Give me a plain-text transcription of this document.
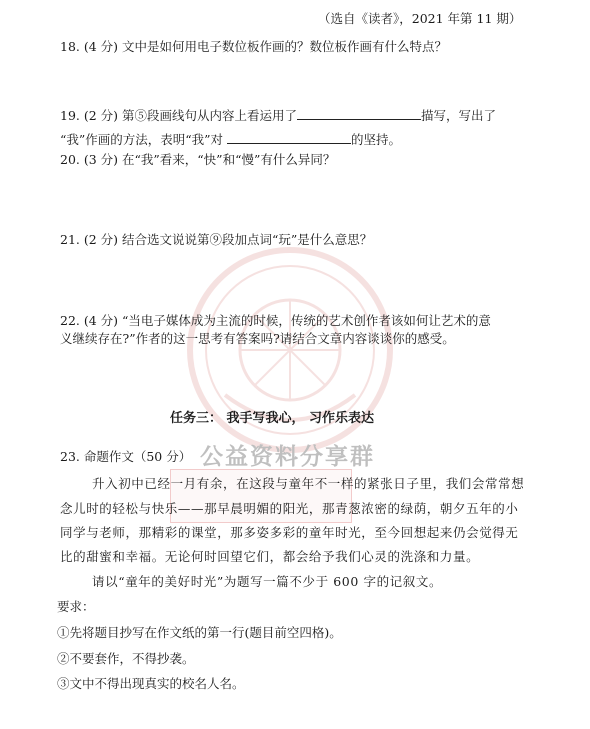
公益资料分享群
（选自《读者》，2021 年第 11 期）
18. (4 分) 文中是如何用电子数位板作画的？数位板作画有什么特点？
19. (2 分) 第⑤段画线句从内容上看运用了	描写，写出了
“我”作画的方法，表明“我”对	的坚持。
20. (3 分) 在“我”看来，“快”和“慢”有什么异同？
21. (2 分) 结合选文说说第⑨段加点词“玩”是什么意思？
22. (4 分) “当电子媒体成为主流的时候，传统的艺术创作者该如何让艺术的意
义继续存在?”作者的这一思考有答案吗?请结合文章内容谈谈你的感受。
任务三： 我手写我心， 习作乐表达
23. 命题作文（50 分）
升入初中已经一月有余，在这段与童年不一样的紧张日子里，我们会常常想
念儿时的轻松与快乐——那早晨明媚的阳光，那青葱浓密的绿荫，朝夕五年的小
同学与老师，那精彩的课堂，那多姿多彩的童年时光，至今回想起来仍会觉得无
比的甜蜜和幸福。无论何时回望它们，都会给予我们心灵的洗涤和力量。
请以“童年的美好时光”为题写一篇不少于 600 字的记叙文。
要求：
①先将题目抄写在作文纸的第一行(题目前空四格)。
②不要套作，不得抄袭。
③文中不得出现真实的校名人名。
